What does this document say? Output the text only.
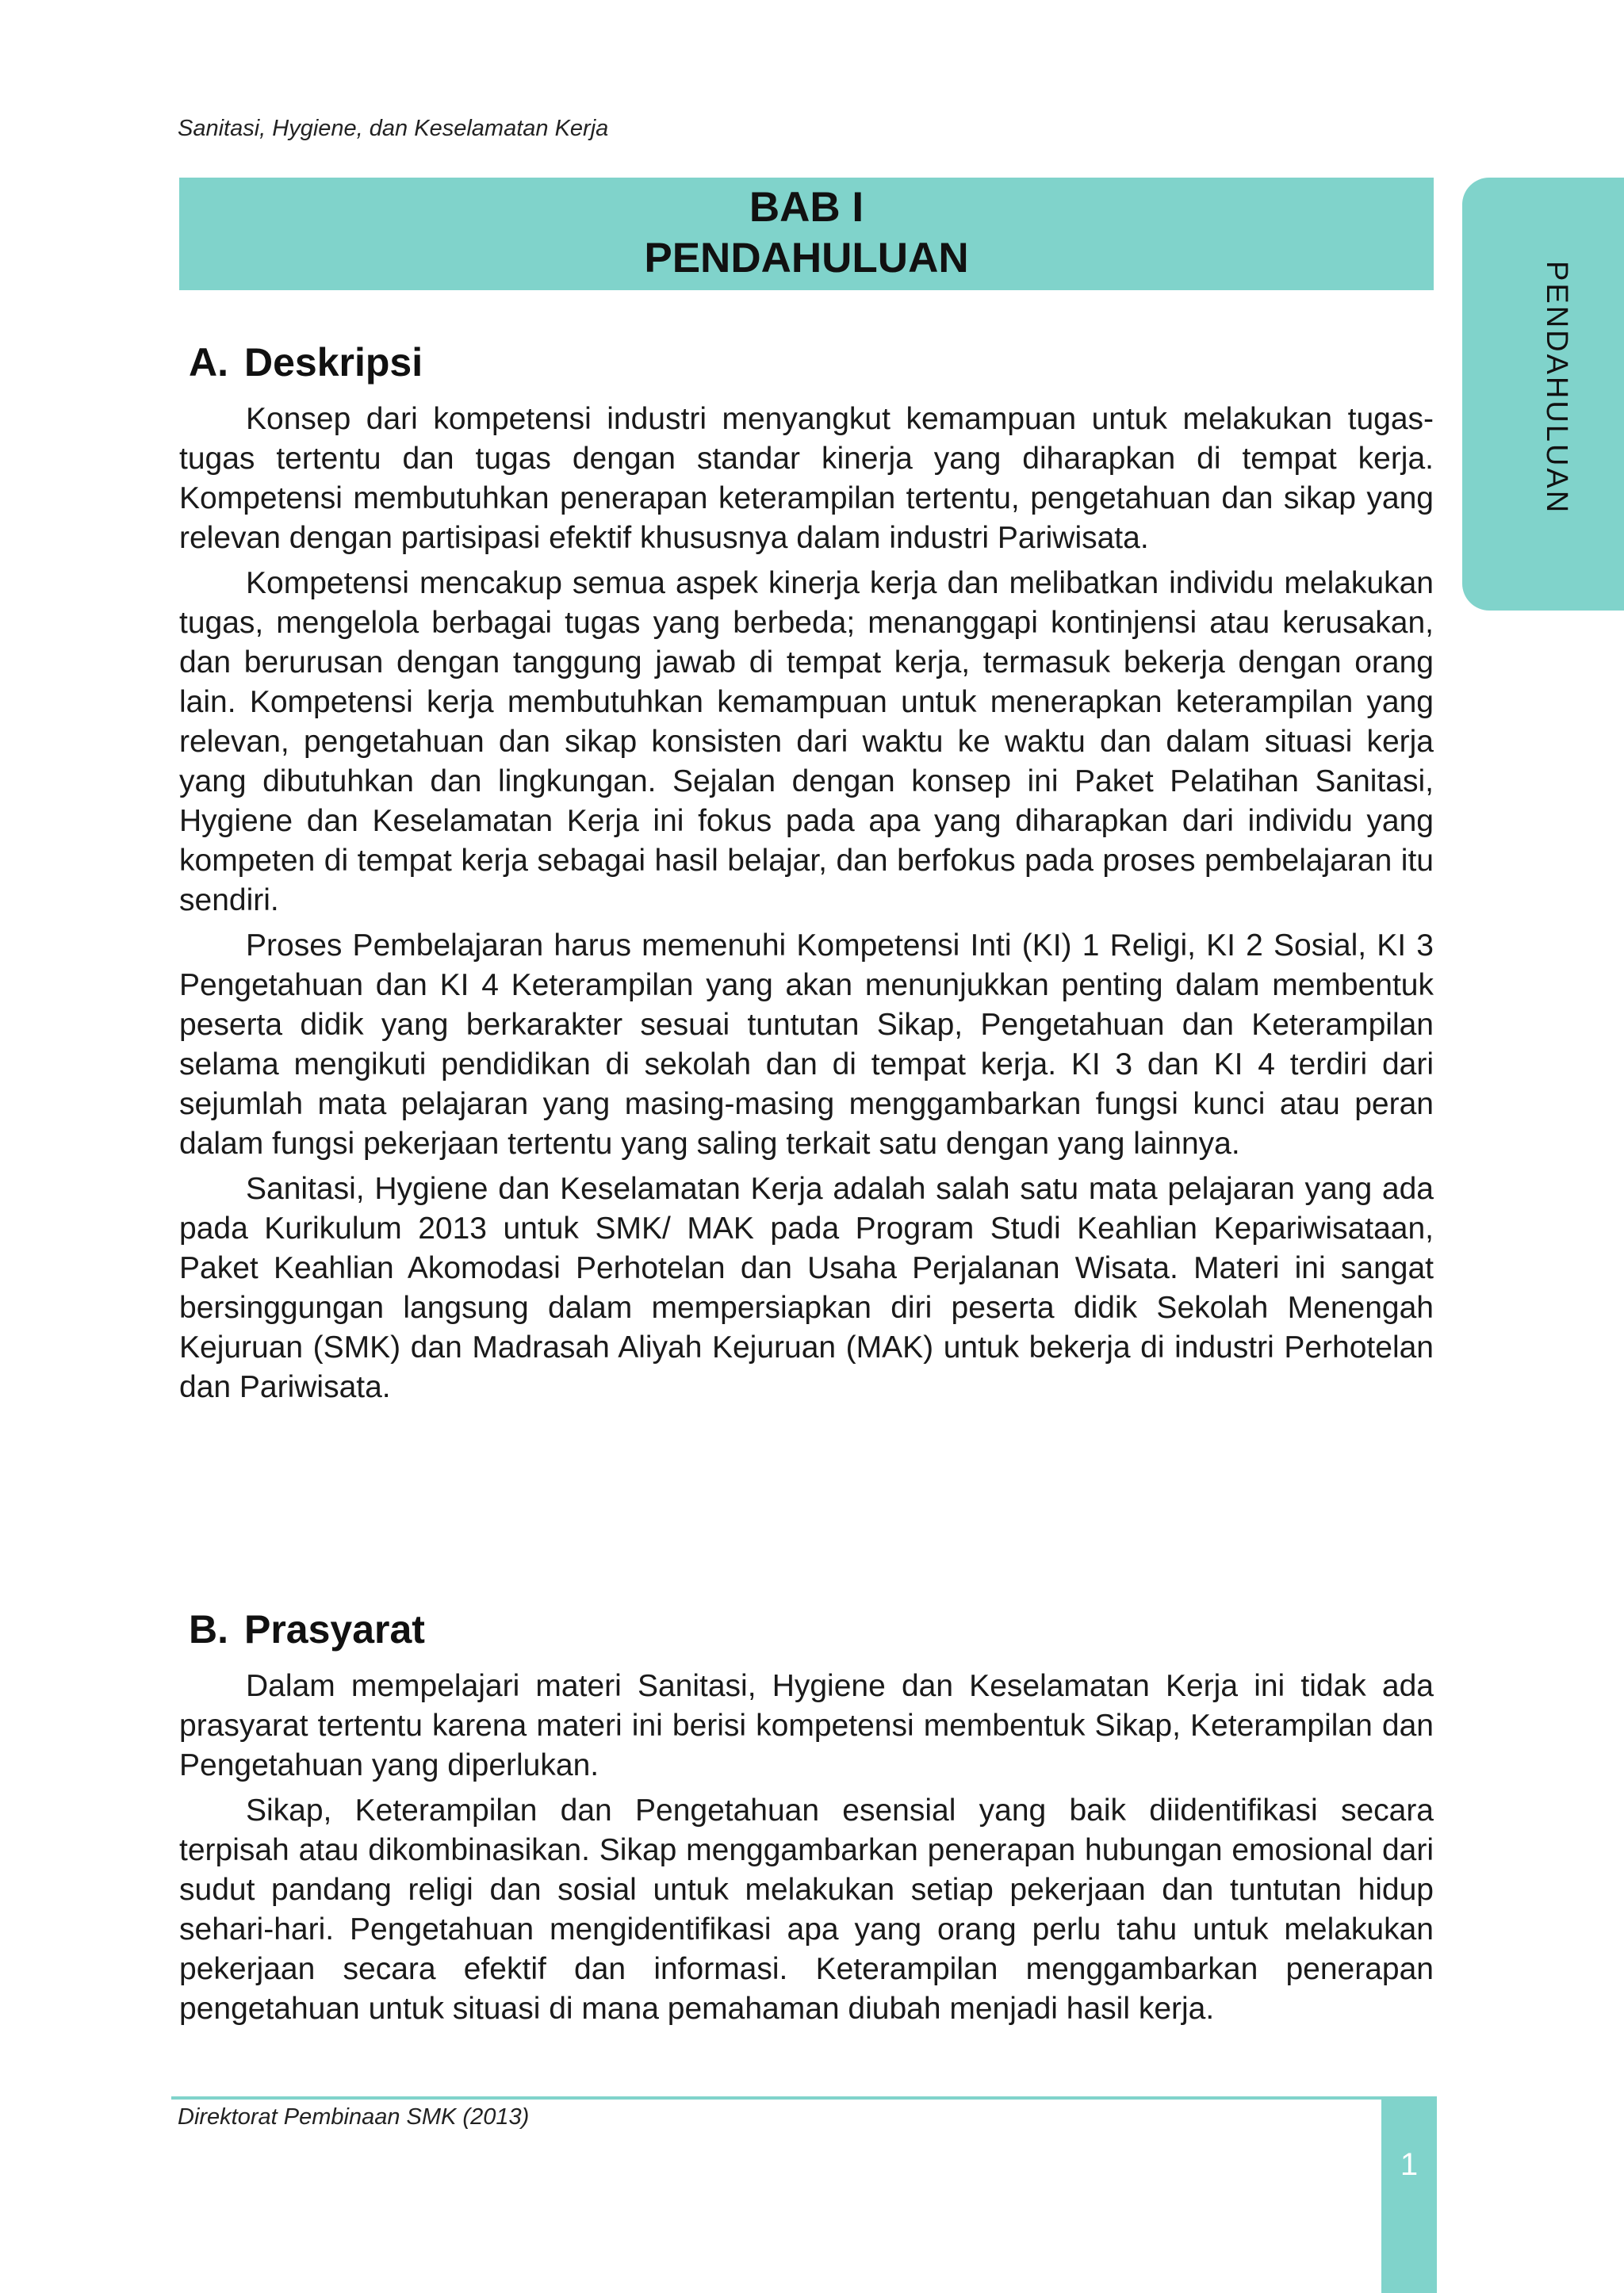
Sanitasi, Hygiene, dan Keselamatan Kerja
BAB I
PENDAHULUAN
PENDAHULUAN
A. Deskripsi

Konsep dari kompetensi industri menyangkut kemampuan untuk melakukan tugas-tugas tertentu dan tugas dengan standar kinerja yang diharapkan di tempat kerja. Kompetensi membutuhkan penerapan keterampilan tertentu, pengetahuan dan sikap yang relevan dengan partisipasi efektif khususnya dalam industri Pariwisata.

Kompetensi mencakup semua aspek kinerja kerja dan melibatkan individu melakukan tugas, mengelola berbagai tugas yang berbeda; menanggapi kontinjensi atau kerusakan, dan berurusan dengan tanggung jawab di tempat kerja, termasuk bekerja dengan orang lain. Kompetensi kerja membutuhkan kemampuan untuk menerapkan keterampilan yang relevan, pengetahuan dan sikap konsisten dari waktu ke waktu dan dalam situasi kerja yang dibutuhkan dan lingkungan. Sejalan dengan konsep ini Paket Pelatihan Sanitasi, Hygiene dan Keselamatan Kerja ini fokus pada apa yang diharapkan dari individu yang kompeten di tempat kerja sebagai hasil belajar, dan berfokus pada proses pembelajaran itu sendiri.

Proses Pembelajaran harus memenuhi Kompetensi Inti (KI) 1 Religi, KI 2 Sosial, KI 3 Pengetahuan dan KI 4 Keterampilan yang akan menunjukkan penting dalam membentuk peserta didik yang berkarakter sesuai tuntutan Sikap, Pengetahuan dan Keterampilan selama mengikuti pendidikan di sekolah dan di tempat kerja. KI 3 dan KI 4 terdiri dari sejumlah mata pelajaran yang masing-masing menggambarkan fungsi kunci atau peran dalam fungsi pekerjaan tertentu yang saling terkait satu dengan yang lainnya.

Sanitasi, Hygiene dan Keselamatan Kerja adalah salah satu mata pelajaran yang ada pada Kurikulum 2013 untuk SMK/ MAK pada Program Studi Keahlian Kepariwisataan, Paket Keahlian Akomodasi Perhotelan dan Usaha Perjalanan Wisata. Materi ini sangat bersinggungan langsung dalam mempersiapkan diri peserta didik Sekolah Menengah Kejuruan (SMK) dan Madrasah Aliyah Kejuruan (MAK) untuk bekerja di industri Perhotelan dan Pariwisata.

B. Prasyarat

Dalam mempelajari materi Sanitasi, Hygiene dan Keselamatan Kerja ini tidak ada prasyarat tertentu karena materi ini berisi kompetensi membentuk Sikap, Keterampilan dan Pengetahuan yang diperlukan.

Sikap, Keterampilan dan Pengetahuan esensial yang baik diidentifikasi secara terpisah atau dikombinasikan. Sikap menggambarkan penerapan hubungan emosional dari sudut pandang religi dan sosial untuk melakukan setiap pekerjaan dan tuntutan hidup sehari-hari. Pengetahuan mengidentifikasi apa yang orang perlu tahu untuk melakukan pekerjaan secara efektif dan informasi. Keterampilan menggambarkan penerapan pengetahuan untuk situasi di mana pemahaman diubah menjadi hasil kerja.

Direktorat Pembinaan SMK (2013)
1
